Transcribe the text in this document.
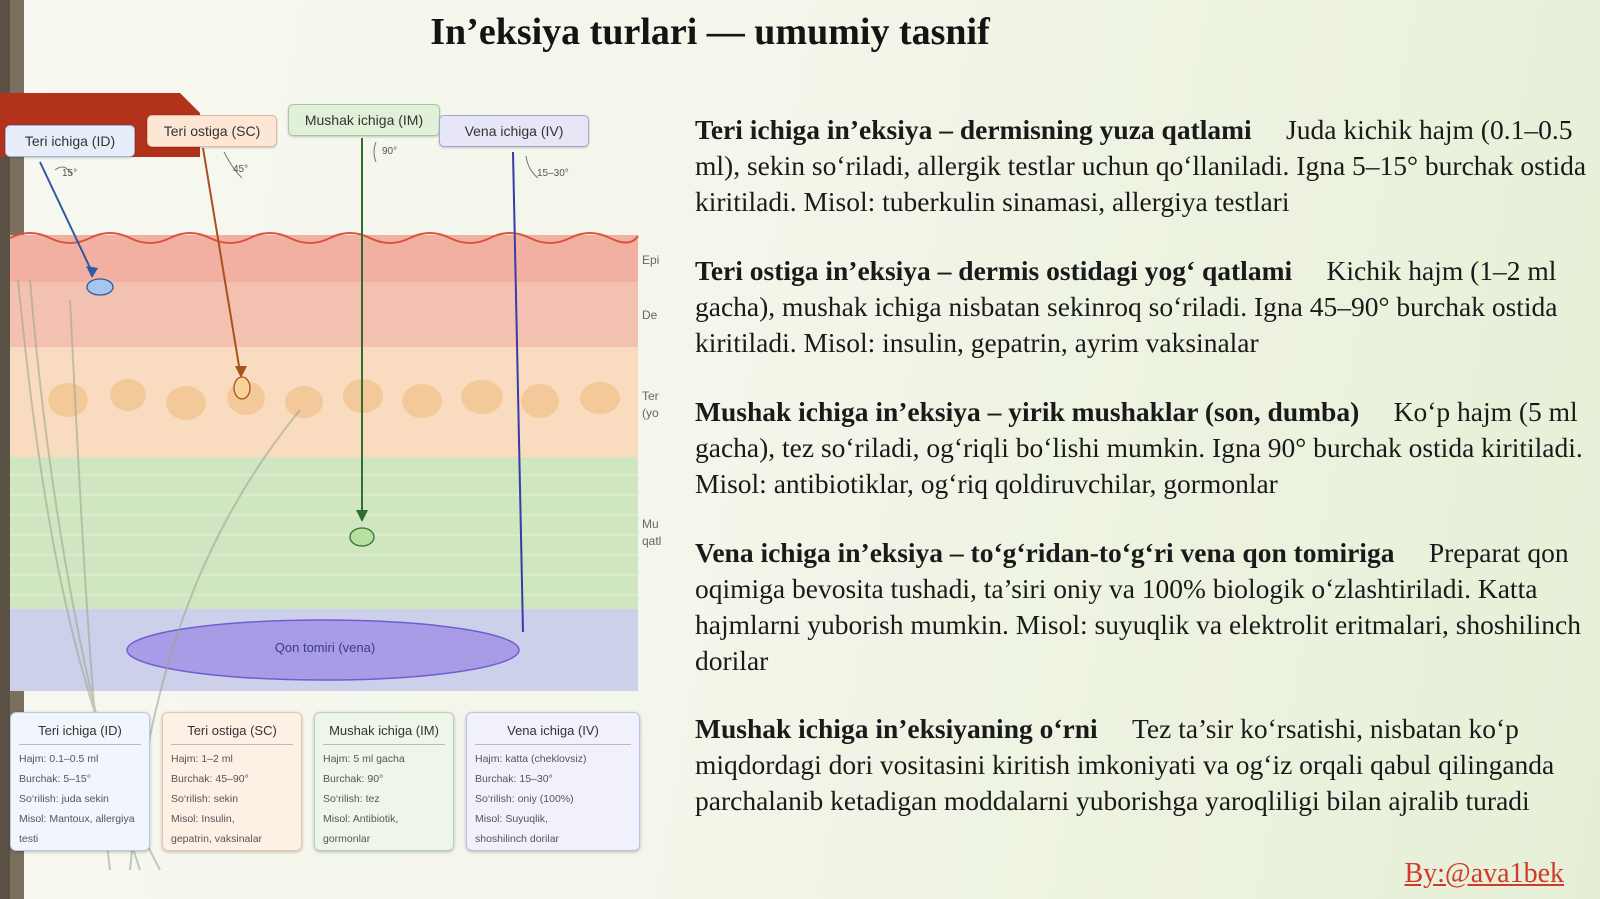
In’eksiya turlari — umumiy tasnif
Teri ichiga (ID)
Teri ostiga (SC)
Mushak ichiga (IM)
Vena ichiga (IV)
15°	45°
90°
15–30°
Epi
De
Ter (yo
Mu qatl
Qon tomiri (vena)
Teri ichiga (ID)
Hajm: 0.1–0.5 ml
Burchak: 5–15°
So‘rilish: juda sekin
Misol: Mantoux, allergiya
testi
Teri ostiga (SC)
Hajm: 1–2 ml
Burchak: 45–90°
So‘rilish: sekin
Misol: Insulin,
gepatrin, vaksinalar
Mushak ichiga (IM)
Hajm: 5 ml gacha
Burchak: 90°
So‘rilish: tez
Misol: Antibiotik,
gormonlar
Vena ichiga (IV)
Hajm: katta (cheklovsiz)
Burchak: 15–30°
So‘rilish: oniy (100%)
Misol: Suyuqlik,
shoshilinch dorilar
Teri ichiga in’eksiya – dermisning yuza qatlami Juda kichik hajm (0.1–0.5 ml), sekin so‘riladi, allergik testlar uchun qo‘llaniladi. Igna 5–15° burchak ostida kiritiladi. Misol: tuberkulin sinamasi, allergiya testlari
Teri ostiga in’eksiya – dermis ostidagi yog‘ qatlami Kichik hajm (1–2 ml gacha), mushak ichiga nisbatan sekinroq so‘riladi. Igna 45–90° burchak ostida kiritiladi. Misol: insulin, gepatrin, ayrim vaksinalar
Mushak ichiga in’eksiya – yirik mushaklar (son, dumba) Ko‘p hajm (5 ml gacha), tez so‘riladi, og‘riqli bo‘lishi mumkin. Igna 90° burchak ostida kiritiladi. Misol: antibiotiklar, og‘riq qoldiruvchilar, gormonlar
Vena ichiga in’eksiya – to‘g‘ridan-to‘g‘ri vena qon tomiriga Preparat qon oqimiga bevosita tushadi, ta’siri oniy va 100% biologik o‘zlashtiriladi. Katta hajmlarni yuborish mumkin. Misol: suyuqlik va elektrolit eritmalari, shoshilinch dorilar
Mushak ichiga in’eksiyaning o‘rni Tez ta’sir ko‘rsatishi, nisbatan ko‘p miqdordagi dori vositasini kiritish imkoniyati va og‘iz orqali qabul qilinganda parchalanib ketadigan moddalarni yuborishga yaroqliligi bilan ajralib turadi
By:@ava1bek
